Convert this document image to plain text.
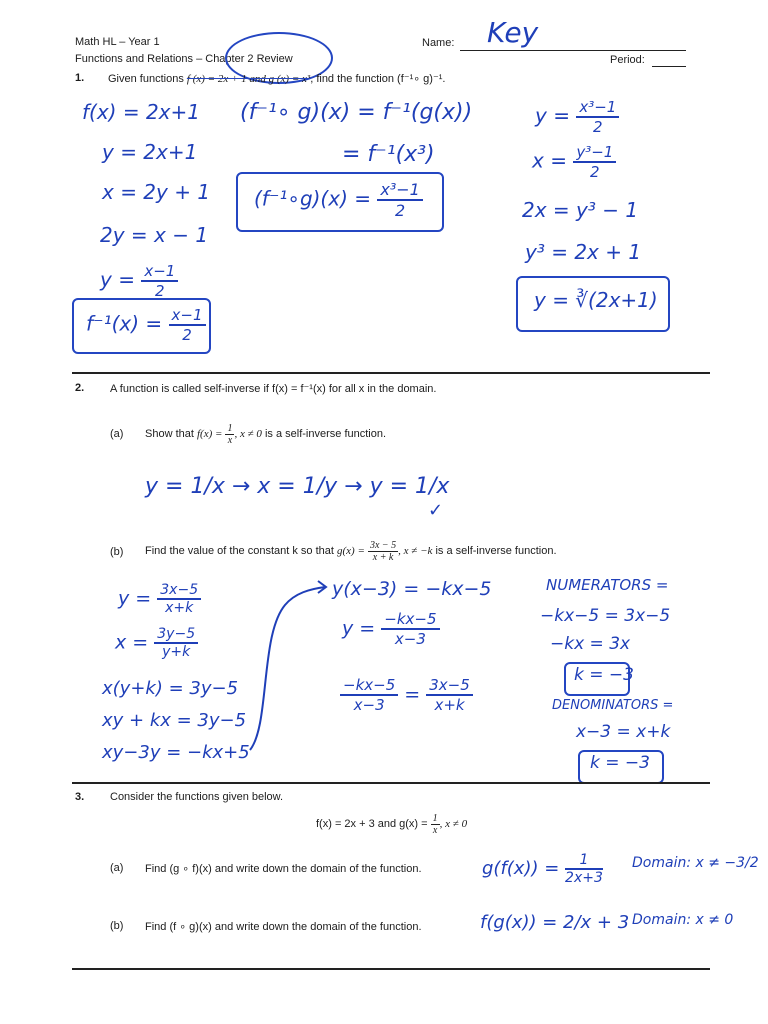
Math HL – Year 1
Functions and Relations – Chapter 2 Review
Name: Key
Period:
1. Given functions f (x) = 2x + 1 and g (x) = x³, find the function (f⁻¹∘ g)⁻¹.
f(x) = 2x+1
y = 2x+1
x = 2y + 1
2y = x − 1
$y = \frac{x-1}{2}$
$f^{-1}(x) = \frac{x-1}{2}$
(f⁻¹∘ g)(x) = f⁻¹(g(x))
= f⁻¹(x³)
(f⁻¹∘g)(x) = $\frac{\text{x³−1}}{2}$
$y = \frac{\text{x³−1}}{2}$
$x = \frac{\text{y³−1}}{2}$
2x = y³ − 1
y³ = 2x + 1
y = ∛(2x+1)
2. A function is called self-inverse if f(x) = f⁻¹(x) for all x in the domain.
(a) Show that $f(x) = \frac{1}{x}$ , x ≠ 0 is a self-inverse function.
y = 1/x → x = 1/y → y = 1/x
✓
(b) Find the value of the constant k so that $g(x) = \frac{3x - 5}{x + k}$ , x ≠ −k is a self-inverse function.
$y = \frac{3x-5}{x+k}$
$x = \frac{3y-5}{y+k}$
x(y+k) = 3y−5
xy + kx = 3y−5
xy−3y = −kx+5
y(x−3) = −kx−5
$y = \frac{-kx-5}{x-3}$
$\frac{-kx-5}{x-3} = \frac{3x-5}{x+k}$
NUMERATORS =
−kx−5 = 3x−5
−kx = 3x
k = −3
DENOMINATORS =
x−3 = x+k
k = −3
3. Consider the functions given below.
f(x) = 2x + 3 and $g(x) = \frac{1}{x}$ , x ≠ 0
(a) Find (g ∘ f)(x) and write down the domain of the function.	$g(f(x)) = \frac{1}{2x+3}$ Domain: x ≠ −3/2
(b) Find (f ∘ g)(x) and write down the domain of the function.	f(g(x)) = 2/x + 3 Domain: x ≠ 0
